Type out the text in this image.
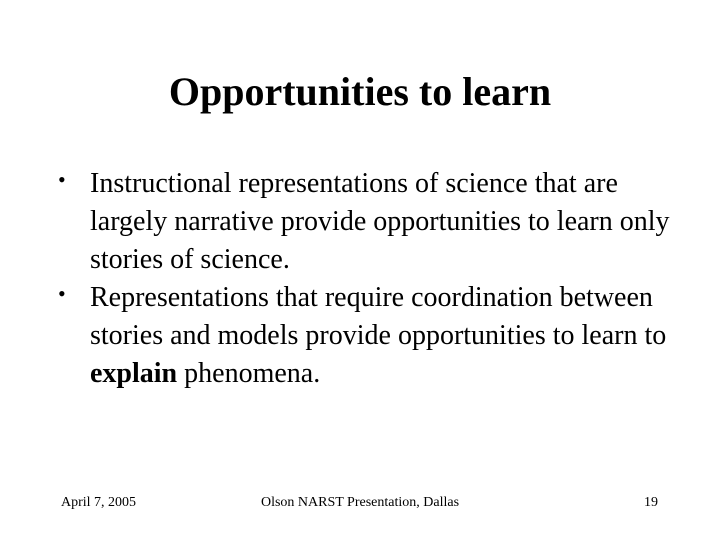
Opportunities to learn
• Instructional representations of science that are largely narrative provide opportunities to learn only stories of science.
• Representations that require coordination between stories and models provide opportunities to learn to explain phenomena.
April 7, 2005	Olson NARST Presentation, Dallas	19
